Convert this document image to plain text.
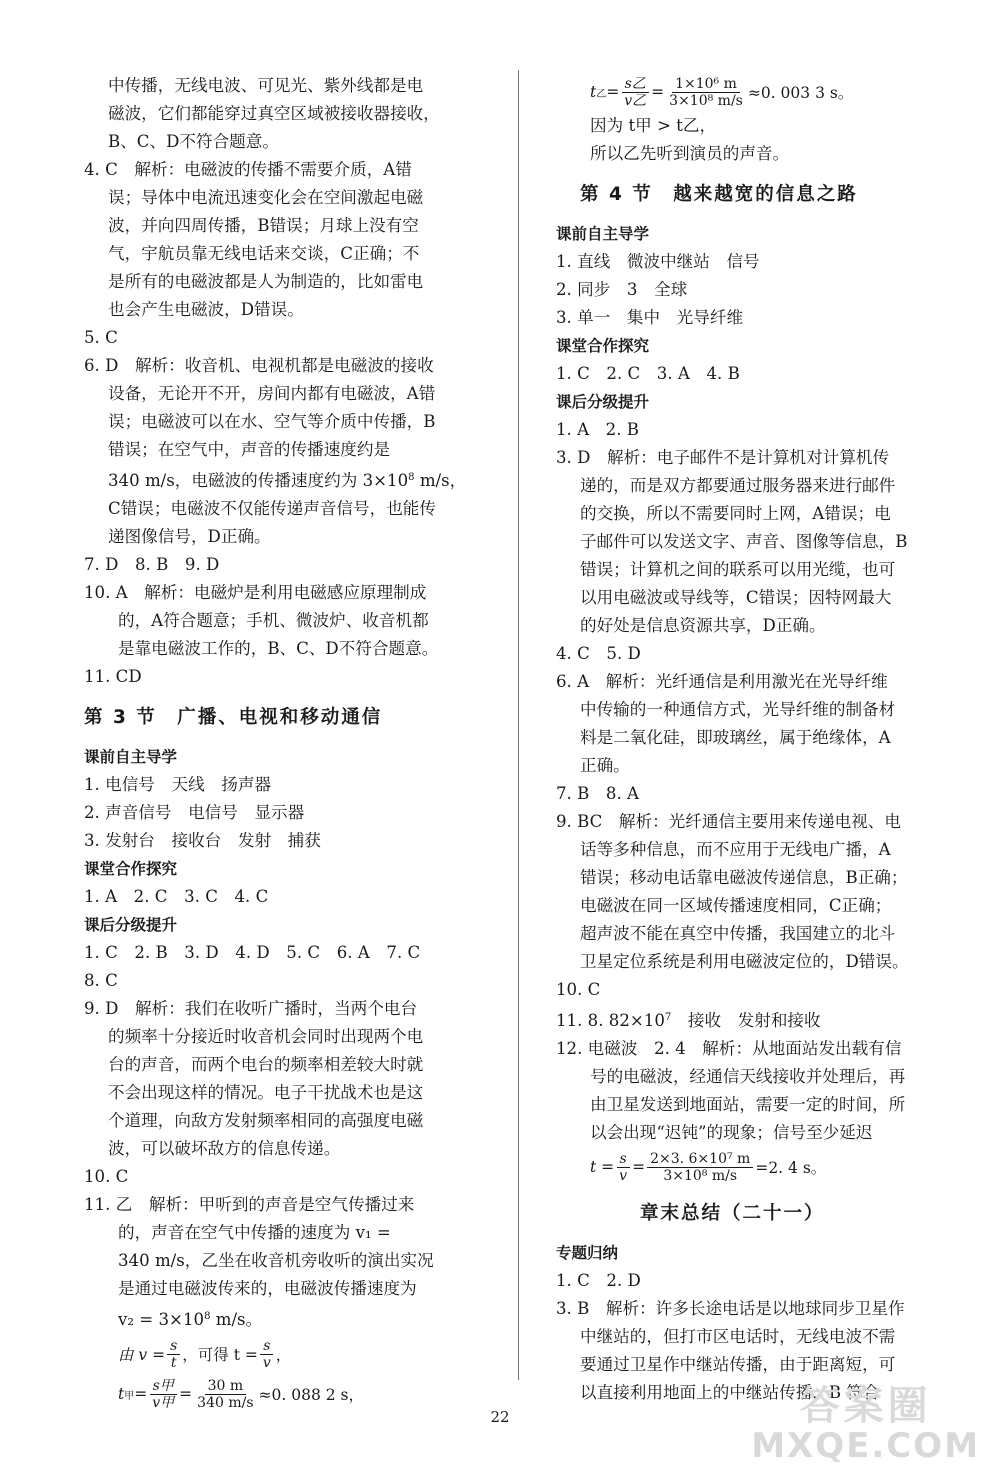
中传播，无线电波、可见光、紫外线都是电

磁波，它们都能穿过真空区域被接收器接收，

B、C、D不符合题意。

4. C　解析：电磁波的传播不需要介质，A错

误；导体中电流迅速变化会在空间激起电磁

波，并向四周传播，B错误；月球上没有空

气，宇航员靠无线电话来交谈，C正确；不

是所有的电磁波都是人为制造的，比如雷电

也会产生电磁波，D错误。

5. C

6. D　解析：收音机、电视机都是电磁波的接收

设备，无论开不开，房间内都有电磁波，A错

误；电磁波可以在水、空气等介质中传播，B

错误；在空气中，声音的传播速度约是

340 m/s，电磁波的传播速度约为 $3\times 10^8$ m/s，

C错误；电磁波不仅能传递声音信号，也能传

递图像信号，D正确。

7. D　8. B　9. D

10. A　解析：电磁炉是利用电磁感应原理制成

的，A符合题意；手机、微波炉、收音机都

是靠电磁波工作的，B、C、D不符合题意。

11. CD

第 3 节　广播、电视和移动通信

课前自主导学

1. 电信号　天线　扬声器

2. 声音信号　电信号　显示器

3. 发射台　接收台　发射　捕获

课堂合作探究

1. A　2. C　3. C　4. C

课后分级提升

1. C　2. B　3. D　4. D　5. C　6. A　7. C

8. C

9. D　解析：我们在收听广播时，当两个电台

的频率十分接近时收音机会同时出现两个电

台的声音，而两个电台的频率相差较大时就

不会出现这样的情况。电子干扰战术也是这

个道理，向敌方发射频率相同的高强度电磁

波，可以破坏敌方的信息传递。

10. C

11. 乙　解析：甲听到的声音是空气传播过来

的，声音在空气中传播的速度为 v₁ =

340 m/s，乙坐在收音机旁收听的演出实况

是通过电磁波传来的，电磁波传播速度为

$v_2 = 3\times 10^8$ m/s。

由 $v = \frac{s}{t}$ ，可得 $t = \frac{s}{v}$ ，
t 甲 = $\frac{\text{s甲}}{\text{v甲}} = \frac{30 m}{340 m/s} \approx 0$. 088 2 s，
t 乙 = $\frac{\text{s乙}}{\text{v乙}} = \frac{\text{1×10⁶ m}}{\text{3×10⁸ m/s}} \approx 0$. 003 3 s。

因为 t甲 > t乙，

所以乙先听到演员的声音。

第 4 节　越来越宽的信息之路

课前自主导学

1. 直线　微波中继站　信号

2. 同步　3　全球

3. 单一　集中　光导纤维

课堂合作探究

1. C　2. C　3. A　4. B

课后分级提升

1. A　2. B

3. D　解析：电子邮件不是计算机对计算机传

递的，而是双方都要通过服务器来进行邮件

的交换，所以不需要同时上网，A错误；电

子邮件可以发送文字、声音、图像等信息，B

错误；计算机之间的联系可以用光缆，也可

以用电磁波或导线等，C错误；因特网最大

的好处是信息资源共享，D正确。

4. C　5. D

6. A　解析：光纤通信是利用激光在光导纤维

中传输的一种通信方式，光导纤维的制备材

料是二氧化硅，即玻璃丝，属于绝缘体，A

正确。

7. B　8. A

9. BC　解析：光纤通信主要用来传递电视、电

话等多种信息，而不应用于无线电广播，A

错误；移动电话靠电磁波传递信息，B正确；

电磁波在同一区域传播速度相同，C正确；

超声波不能在真空中传播，我国建立的北斗

卫星定位系统是利用电磁波定位的，D错误。

10. C

11. 8. $82\times 10^7$　接收　发射和接收

12. 电磁波　2. 4　解析：从地面站发出载有信

号的电磁波，经通信天线接收并处理后，再

由卫星发送到地面站，需要一定的时间，所

以会出现“迟钝”的现象；信号至少延迟

$t = \frac{s}{v} = \frac{\text{2×3. 6×10⁷ m}}{\text{3×10⁸ m/s}} =2$. 4 s。
章末总结（二十一）

专题归纳

1. C　2. D

3. B　解析：许多长途电话是以地球同步卫星作

中继站的，但打市区电话时，无线电波不需

要通过卫星作中继站传播，由于距离短，可

以直接利用地面上的中继站传播，B 符合

22	答案圈
MXQE.COM
